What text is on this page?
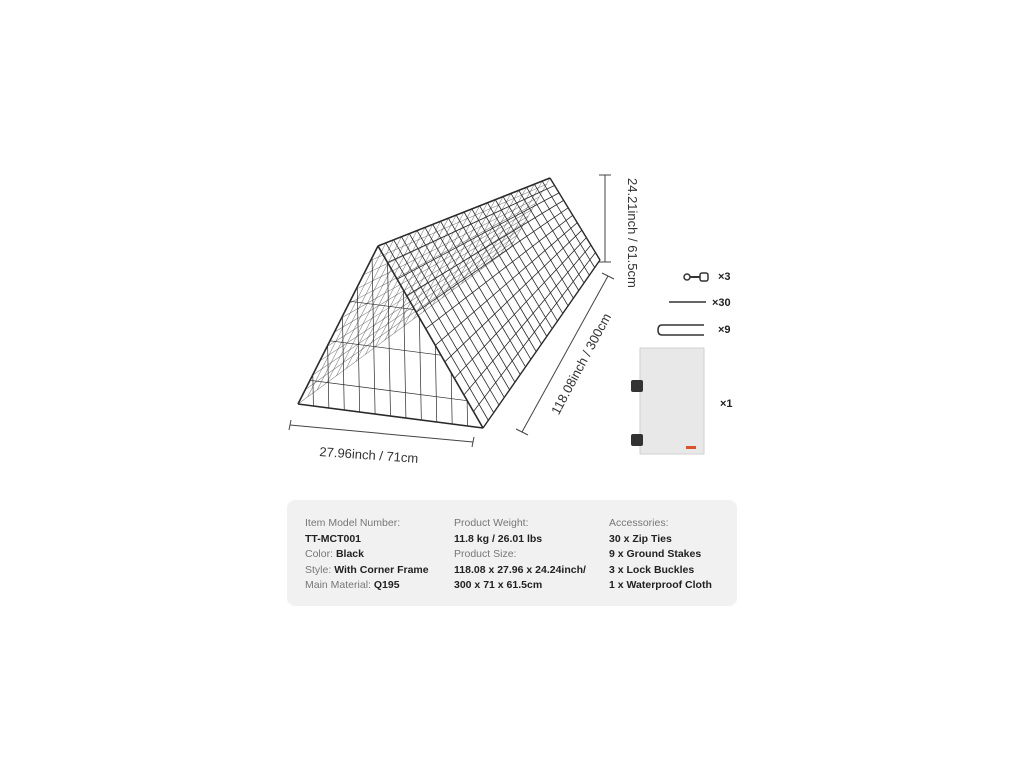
24.21inch / 61.5cm
118.08inch / 300cm
27.96inch / 71cm
×3
×30
×9
×1
Item Model Number:
TT-MCT001
Color: Black
Style: With Corner Frame
Main Material: Q195
Product Weight:
11.8 kg / 26.01 lbs
Product Size:
118.08 x 27.96 x 24.24inch/
300 x 71 x 61.5cm
Accessories:
30 x Zip Ties
9 x Ground Stakes
3 x Lock Buckles
1 x Waterproof Cloth
